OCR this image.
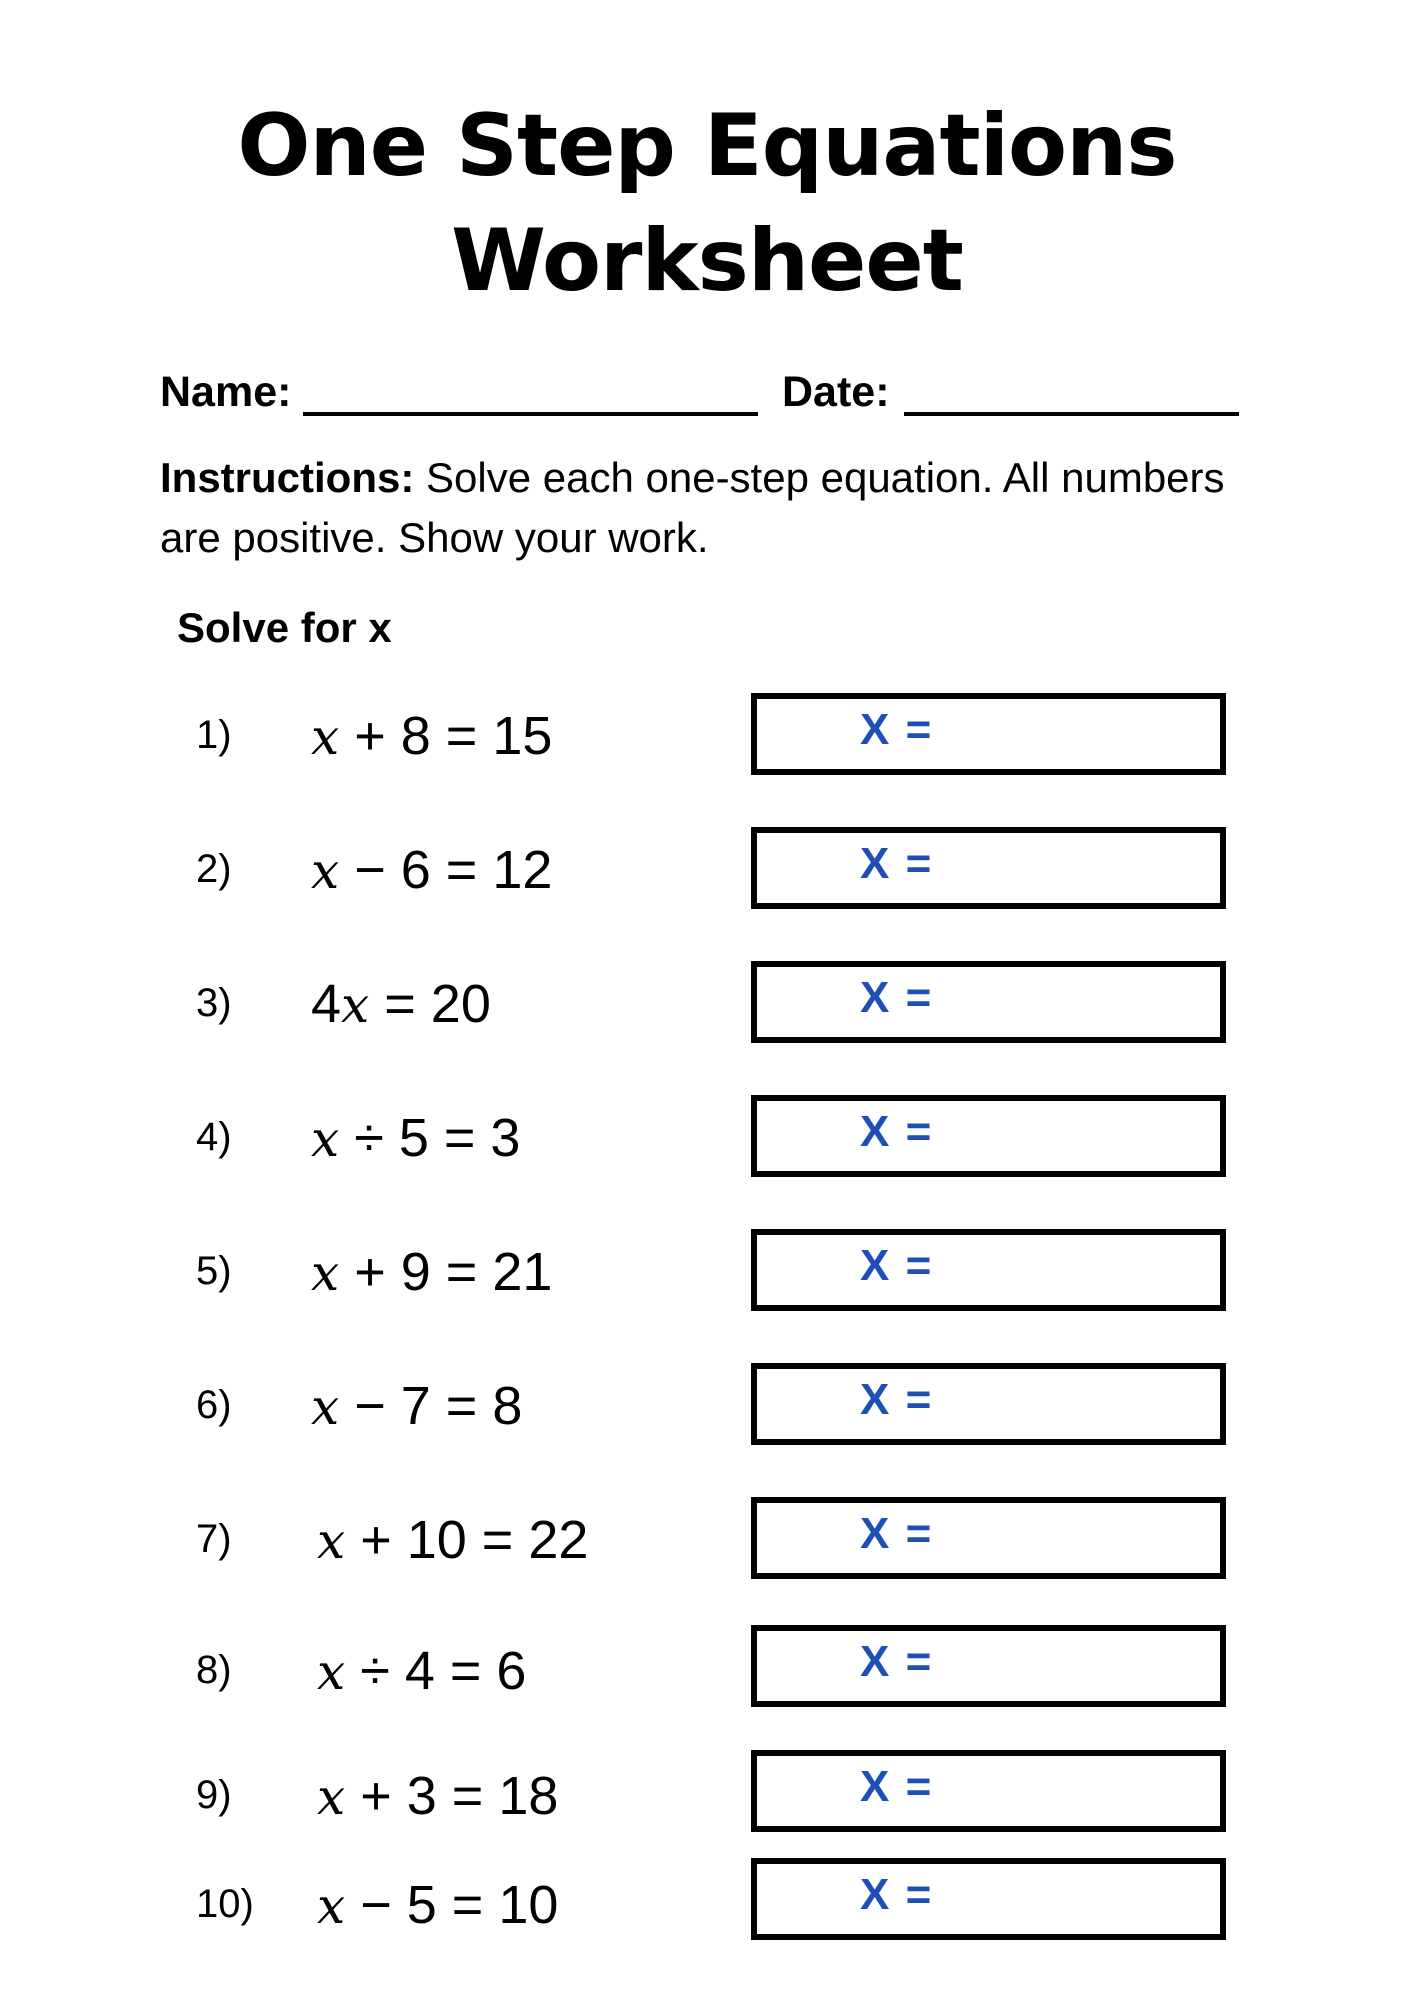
One Step Equations
Worksheet
Name:	Date:
Instructions: Solve each one-step equation. All numbers are positive. Show your work.
Solve for x
1) x + 8 = 15	X =
2) x − 6 = 12	X =
3) 4x = 20	X =
4) x ÷ 5 = 3	X =
5) x + 9 = 21	X =
6) x − 7 = 8	X =
7) x + 10 = 22	X =
8) x ÷ 4 = 6	X =
9) x + 3 = 18	X =
10) x − 5 = 10	X =
